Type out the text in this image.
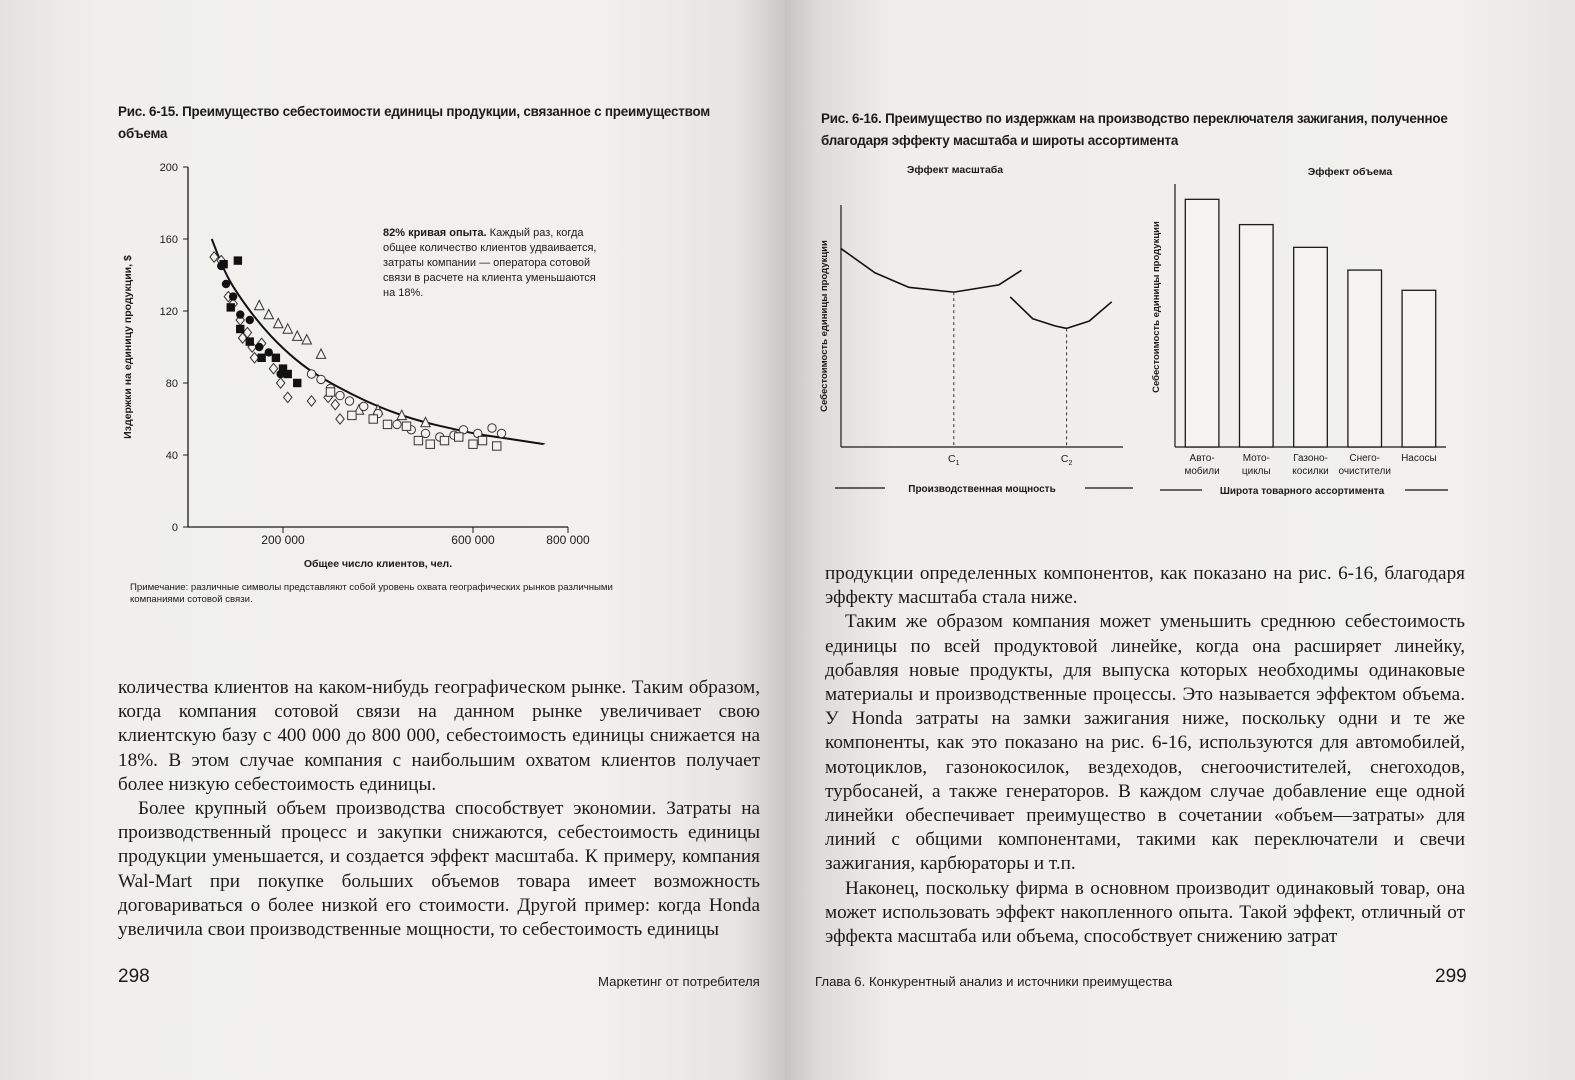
Рис. 6-15. Преимущество себестоимости единицы продукции, связанное с преимуществом объема

0
40
80
120
160
200
200 000	600 000	800 000
Общее число клиентов, чел.
Издержки на единицу продукции, $
82% кривая опыта. Каждый раз, когда
общее количество клиентов удваивается,
затраты компании — оператора сотовой
связи в расчете на клиента уменьшаются
на 18%.

Примечание: различные символы представляют собой уровень охвата географических рынков различными компаниями сотовой связи.

количества клиентов на каком-нибудь географическом рынке. Таким образом, когда компания сотовой связи на данном рынке увеличивает свою клиентскую базу с 400 000 до 800 000, себестоимость единицы снижается на 18%. В этом случае компания с наибольшим охватом клиентов получает более низкую себестоимость единицы.

Более крупный объем производства способствует экономии. Затраты на производственный процесс и закупки снижаются, себестоимость единицы продукции уменьшается, и создается эффект масштаба. К примеру, компания Wal-Mart при покупке больших объемов товара имеет возможность договариваться о более низкой его стоимости. Другой пример: когда Honda увеличила свои производственные мощности, то себестоимость единицы

298	Маркетинг от потребителя

Рис. 6-16. Преимущество по издержкам на производство переключателя зажигания, полученное благодаря эффекту масштаба и широты ассортимента

Эффект масштаба
Себестоимость единицы продукции
$C_1$	$C_2$
Производственная мощность
Эффект объема
Себестоимость единицы продукции
Авто-
мобили
Мото-
циклы
Газоно-
косилки
Снего-
очистители
Насосы
Широта товарного ассортимента

продукции определенных компонентов, как показано на рис. 6-16, благодаря эффекту масштаба стала ниже.

Таким же образом компания может уменьшить среднюю себестоимость единицы по всей продуктовой линейке, когда она расширяет линейку, добавляя новые продукты, для выпуска которых необходимы одинаковые материалы и производственные процессы. Это называется эффектом объема. У Honda затраты на замки зажигания ниже, поскольку одни и те же компоненты, как это показано на рис. 6-16, используются для автомобилей, мотоциклов, газонокосилок, вездеходов, снегоочистителей, снегоходов, турбосаней, а также генераторов. В каждом случае добавление еще одной линейки обеспечивает преимущество в сочетании «объем—затраты» для линий с общими компонентами, такими как переключатели и свечи зажигания, карбюраторы и т.п.

Наконец, поскольку фирма в основном производит одинаковый товар, она может использовать эффект накопленного опыта. Такой эффект, отличный от эффекта масштаба или объема, способствует снижению затрат

Глава 6. Конкурентный анализ и источники преимущества	299
